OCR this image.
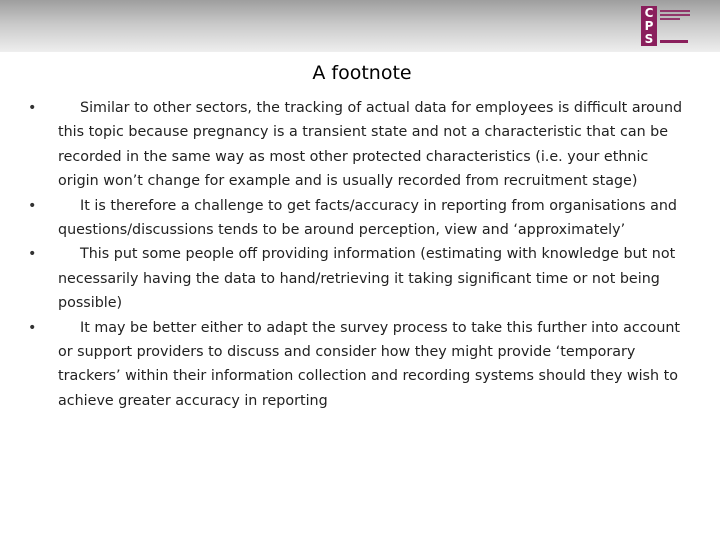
C
P
S
A footnote
•	Similar to other sectors, the tracking of actual data for employees is difficult around this topic because pregnancy is a transient state and not a characteristic that can be recorded in the same way as most other protected characteristics (i.e. your ethnic origin won’t change for example and is usually recorded from recruitment stage)
•	It is therefore a challenge to get facts/accuracy in reporting from organisations and questions/discussions tends to be around perception, view and ‘approximately’
•	This put some people off providing information (estimating with knowledge but not necessarily having the data to hand/retrieving it taking significant time or not being possible)
•	It may be better either to adapt the survey process to take this further into account or support providers to discuss and consider how they might provide ‘temporary trackers’ within their information collection and recording systems should they wish to achieve greater accuracy in reporting
